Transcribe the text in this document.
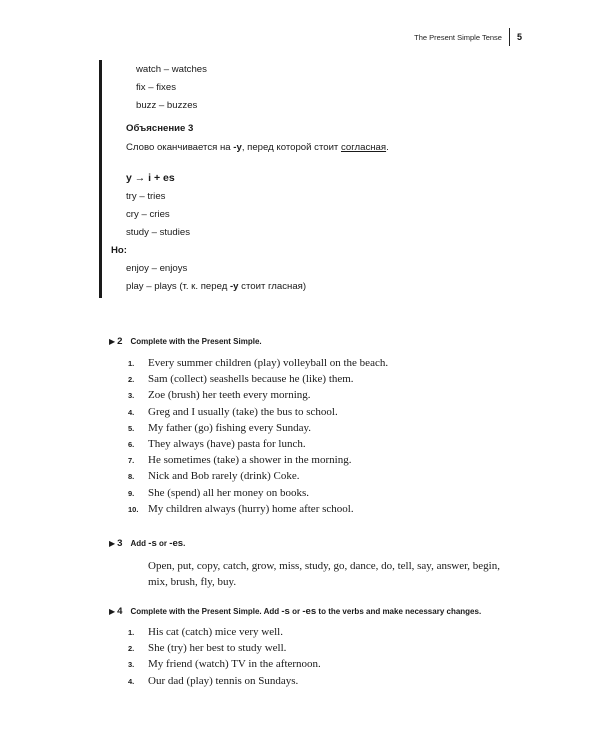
The Present Simple Tense	5
watch – watches
fix – fixes
buzz – buzzes
Объяснение 3
Слово оканчивается на -y, перед которой стоит согласная.
y → i + es
try – tries
cry – cries
study – studies
Но:
enjoy – enjoys
play – plays (т. к. перед -y стоит гласная)
▶ 2 Complete with the Present Simple.
1.	Every summer children (play) volleyball on the beach.
2.	Sam (collect) seashells because he (like) them.
3.	Zoe (brush) her teeth every morning.
4.	Greg and I usually (take) the bus to school.
5.	My father (go) fishing every Sunday.
6.	They always (have) pasta for lunch.
7.	He sometimes (take) a shower in the morning.
8.	Nick and Bob rarely (drink) Coke.
9.	She (spend) all her money on books.
10. My children always (hurry) home after school.
▶ 3 Add -s or -es.
Open, put, copy, catch, grow, miss, study, go, dance, do, tell, say, answer, begin,
mix, brush, fly, buy.
▶ 4 Complete with the Present Simple. Add -s or -es to the verbs and make necessary changes.
1.	His cat (catch) mice very well.
2.	She (try) her best to study well.
3.	My friend (watch) TV in the afternoon.
4.	Our dad (play) tennis on Sundays.
